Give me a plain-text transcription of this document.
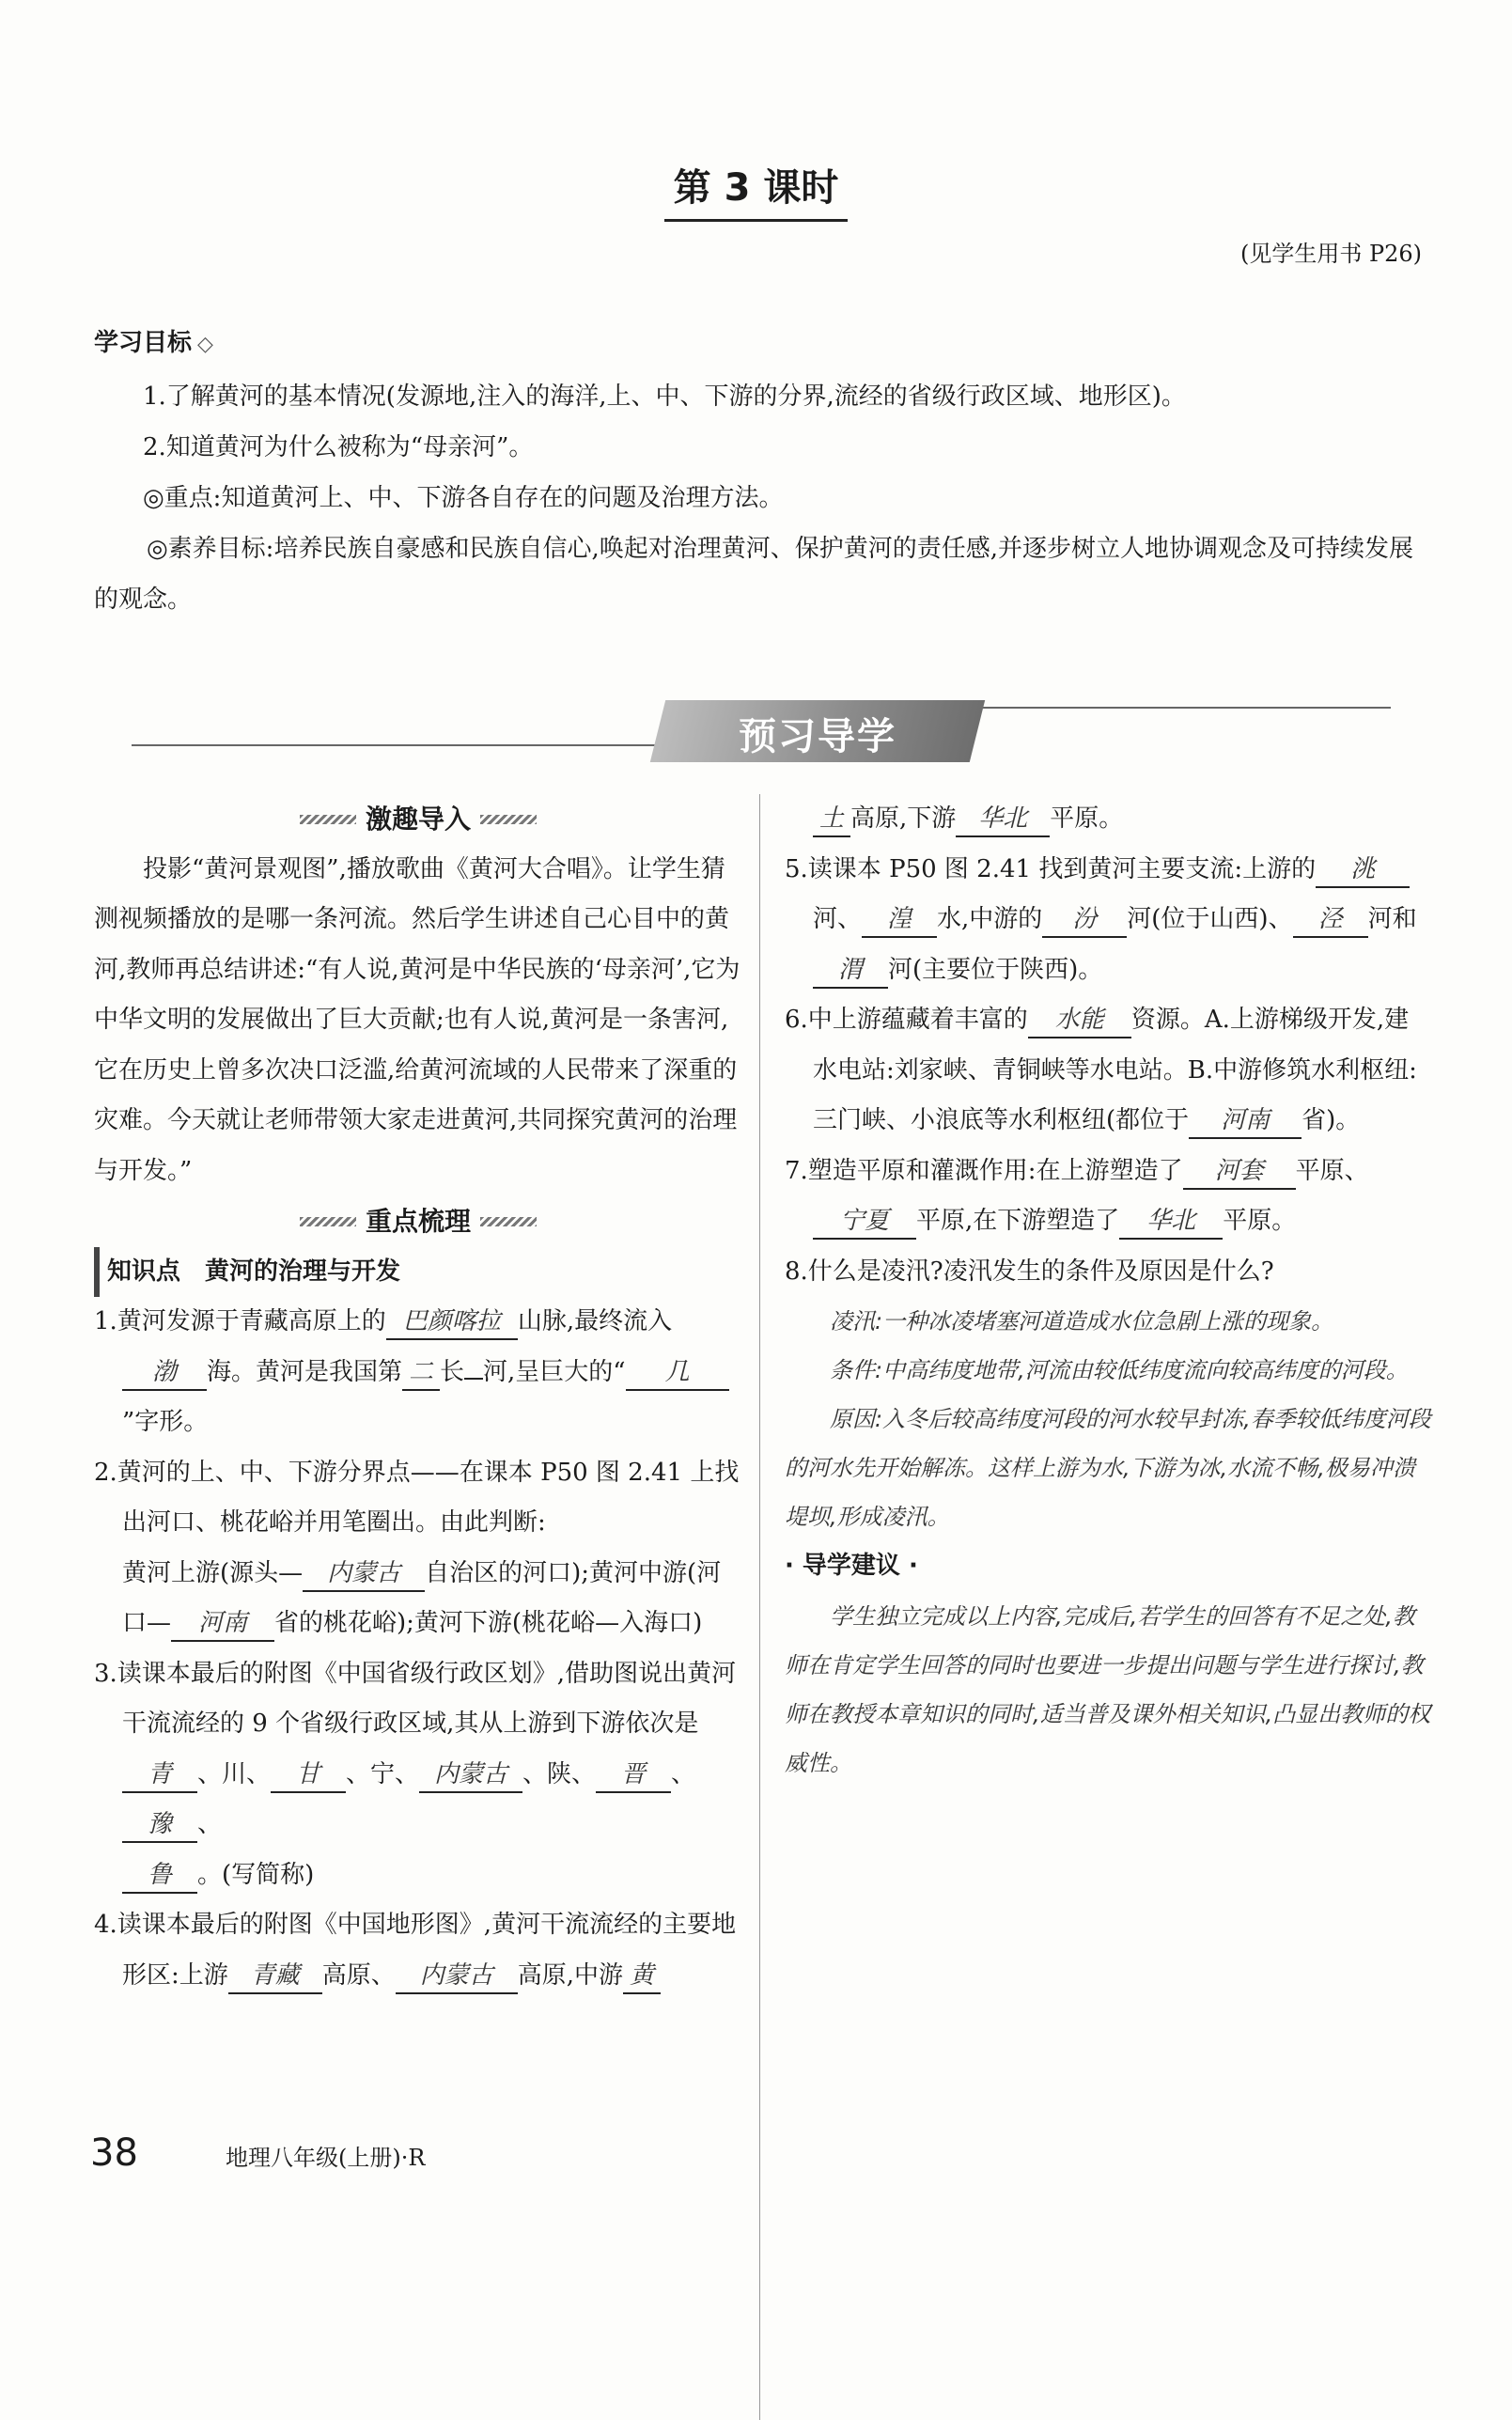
第 3 课时
(见学生用书 P26)
学习目标 ◇

1.了解黄河的基本情况(发源地,注入的海洋,上、中、下游的分界,流经的省级行政区域、地形区)。

2.知道黄河为什么被称为“母亲河”。

◎重点:知道黄河上、中、下游各自存在的问题及治理方法。

◎素养目标:培养民族自豪感和民族自信心,唤起对治理黄河、保护黄河的责任感,并逐步树立人地协调观念及可持续发展的观念。

预习导学

激趣导入

投影“黄河景观图”,播放歌曲《黄河大合唱》。让学生猜测视频播放的是哪一条河流。然后学生讲述自己心目中的黄河,教师再总结讲述:“有人说,黄河是中华民族的‘母亲河’,它为中华文明的发展做出了巨大贡献;也有人说,黄河是一条害河,它在历史上曾多次决口泛滥,给黄河流域的人民带来了深重的灾难。今天就让老师带领大家走进黄河,共同探究黄河的治理与开发。”

重点梳理

知识点　 黄河的治理与开发

1.黄河发源于青藏高原上的 巴颜喀拉 山脉,最终流入渤 海。黄河是我国第 二 长 河,呈巨大的“ 几”字形。

2.黄河的上、中、下游分界点——在课本 P50 图 2.41 上找出河口、桃花峪并用笔圈出。由此判断:

黄河上游(源头— 内蒙古 自治区的河口);黄河中游(河口— 河南 省的桃花峪);黄河下游(桃花峪—入海口)

3.读课本最后的附图《中国省级行政区划》,借助图说出黄河干流流经的 9 个省级行政区域,其从上游到下游依次是
青 、川、 甘 、宁、 内蒙古 、陕、 晋 、豫 、
鲁 。(写简称)

4.读课本最后的附图《中国地形图》,黄河干流流经的主要地形区:上游 青藏 高原、 内蒙古 高原,中游 黄

土 高原,下游 华北 平原。

5.读课本 P50 图 2.41 找到黄河主要支流:上游的 洮河、 湟 水,中游的 汾 河(位于山西)、 泾 河和
渭 河(主要位于陕西)。

6.中上游蕴藏着丰富的 水能 资源。A.上游梯级开发,建水电站:刘家峡、青铜峡等水电站。B.中游修筑水利枢纽:三门峡、小浪底等水利枢纽(都位于 河南 省)。

7.塑造平原和灌溉作用:在上游塑造了 河套 平原、宁夏 平原,在下游塑造了 华北 平原。

8.什么是凌汛?凌汛发生的条件及原因是什么?

凌汛:一种冰凌堵塞河道造成水位急剧上涨的现象。

条件:中高纬度地带,河流由较低纬度流向较高纬度的河段。

原因:入冬后较高纬度河段的河水较早封冻,春季较低纬度河段的河水先开始解冻。这样上游为水,下游为冰,水流不畅,极易冲溃堤坝,形成凌汛。

· 导学建议 ·

学生独立完成以上内容,完成后,若学生的回答有不足之处,教师在肯定学生回答的同时也要进一步提出问题与学生进行探讨,教师在教授本章知识的同时,适当普及课外相关知识,凸显出教师的权威性。

38	地理八年级(上册)·R
